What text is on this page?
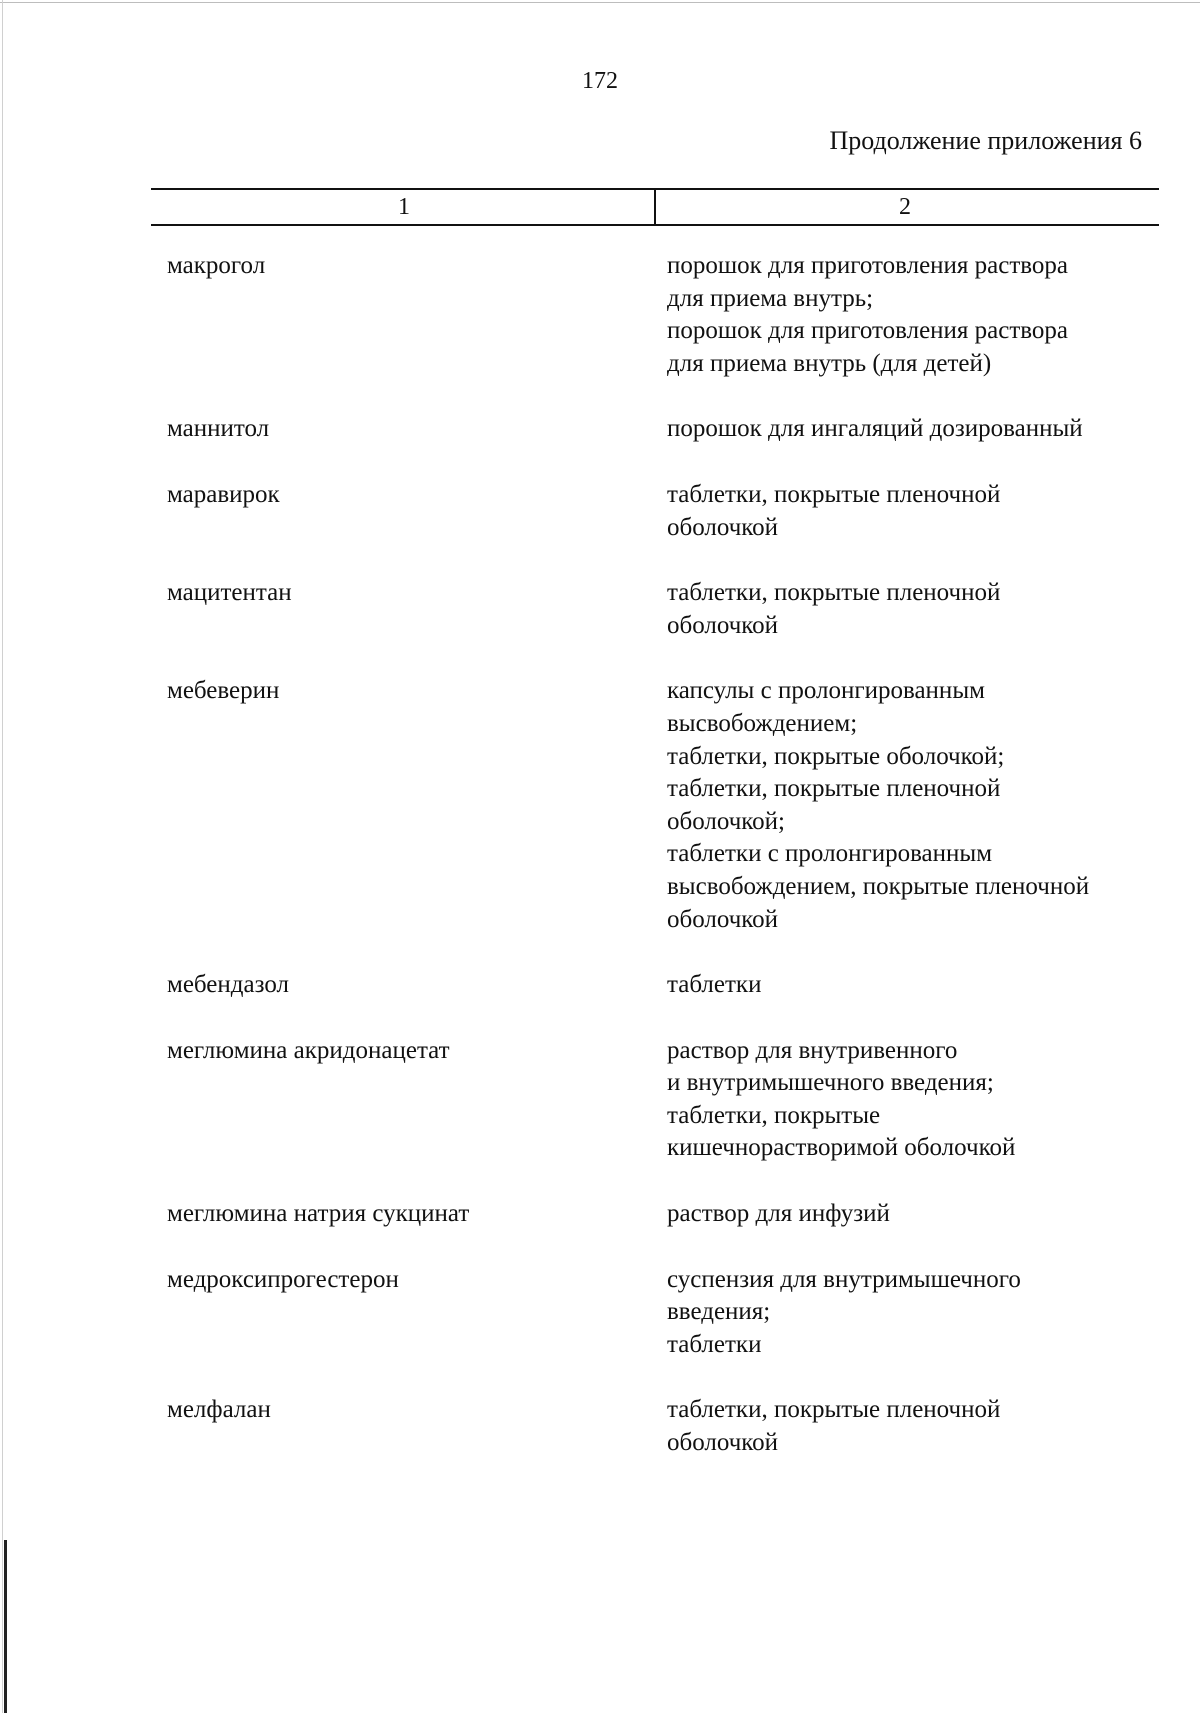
172
Продолжение приложения 6
1	2
макрогол	порошок для приготовления раствора
для приема внутрь;
порошок для приготовления раствора
для приема внутрь (для детей)
маннитол	порошок для ингаляций дозированный
маравирок	таблетки, покрытые пленочной
оболочкой
мацитентан	таблетки, покрытые пленочной
оболочкой
мебеверин	капсулы с пролонгированным
высвобождением;
таблетки, покрытые оболочкой;
таблетки, покрытые пленочной
оболочкой;
таблетки с пролонгированным
высвобождением, покрытые пленочной
оболочкой
мебендазол	таблетки
меглюмина акридонацетат	раствор для внутривенного
и внутримышечного введения;
таблетки, покрытые
кишечнорастворимой оболочкой
меглюмина натрия сукцинат	раствор для инфузий
медроксипрогестерон	суспензия для внутримышечного
введения;
таблетки
мелфалан	таблетки, покрытые пленочной
оболочкой
